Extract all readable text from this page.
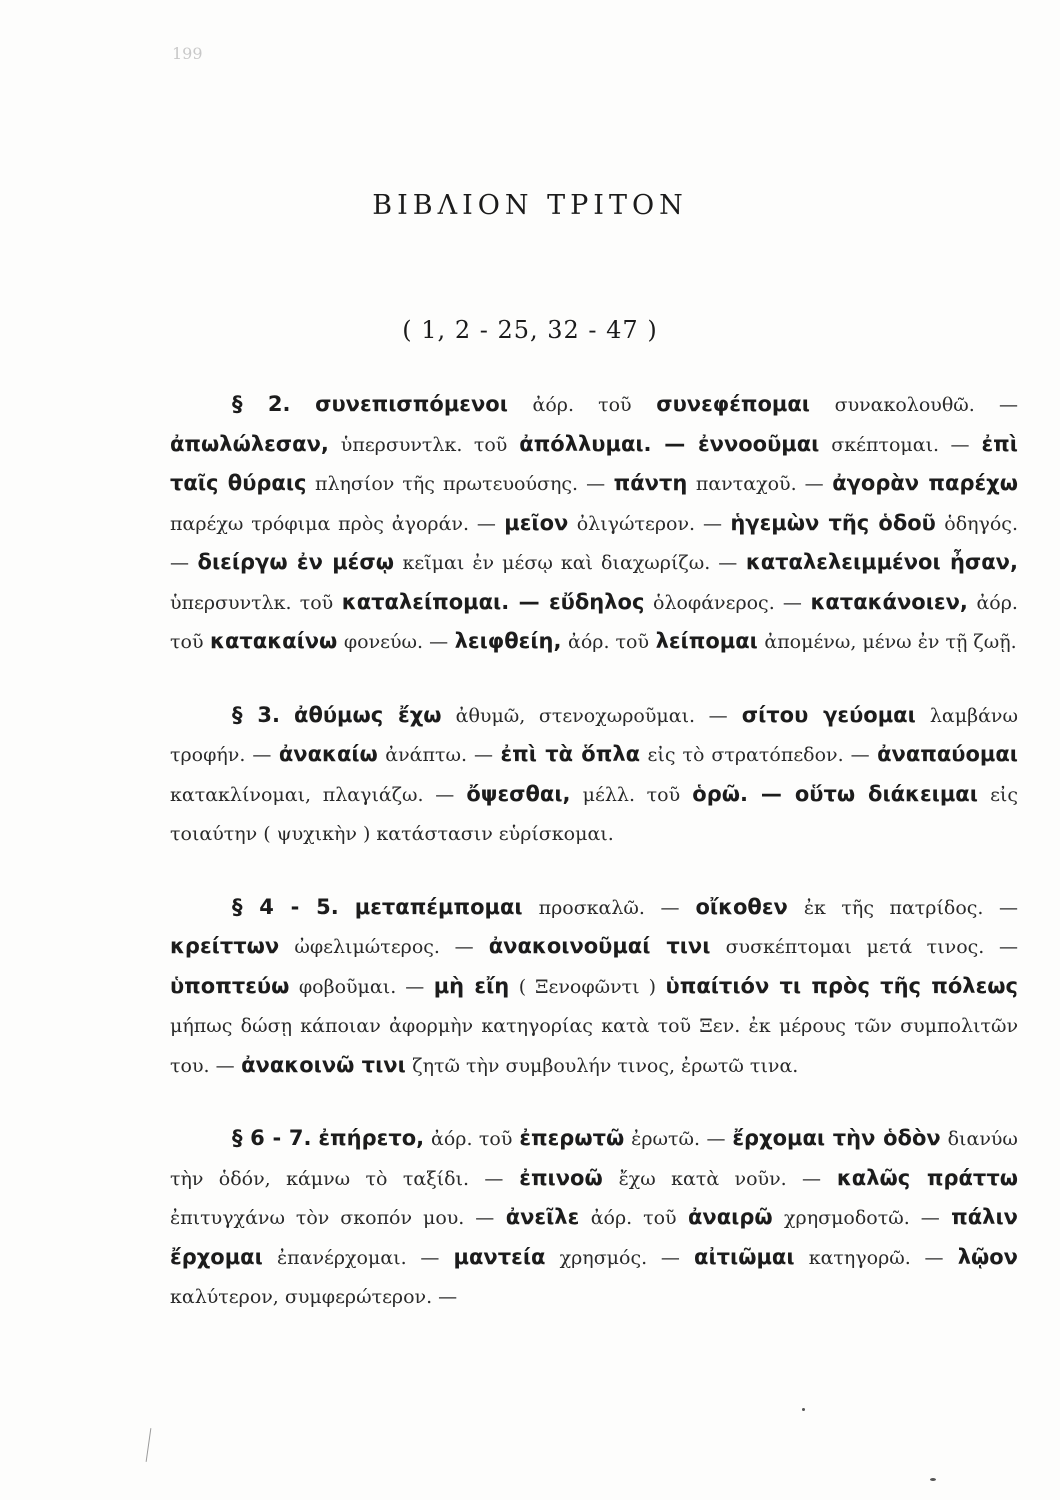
199
ΒΙΒΛΙΟΝ ΤΡΙΤΟΝ
( 1, 2 - 25, 32 - 47 )

§ 2. συνεπισπόμενοι ἀόρ. τοῦ συνεφέπομαι συνακολουθῶ. — ἀπωλώλεσαν, ὑπερσυντλκ. τοῦ ἀπόλλυμαι. — ἐννοοῦμαι σκέπτομαι. — ἐπὶ ταῖς θύραις πλησίον τῆς πρωτευούσης. — πάντη πανταχοῦ. — ἀγορὰν παρέχω παρέχω τρόφιμα πρὸς ἀγοράν. — μεῖον ὀλιγώτερον. — ἡγεμὼν τῆς ὁδοῦ ὁδηγός. — διείργω ἐν μέσῳ κεῖμαι ἐν μέσῳ καὶ διαχωρίζω. — καταλελειμμένοι ἦσαν, ὑπερσυντλκ. τοῦ καταλείπομαι. — εὔδηλος ὁλοφάνερος. — κατακάνοιεν, ἀόρ. τοῦ κατακαίνω φονεύω. — λειφθείη, ἀόρ. τοῦ λείπομαι ἀπομένω, μένω ἐν τῇ ζωῇ.

§ 3. ἀθύμως ἔχω ἀθυμῶ, στενοχωροῦμαι. — σίτου γεύομαι λαμβάνω τροφήν. — ἀνακαίω ἀνάπτω. — ἐπὶ τὰ ὅπλα εἰς τὸ στρατόπεδον. — ἀναπαύομαι κατακλίνομαι, πλαγιάζω. — ὄψεσθαι, μέλλ. τοῦ ὁρῶ. — οὕτω διάκειμαι εἰς τοιαύτην ( ψυχικὴν ) κατάστασιν εὑρίσκομαι.

§ 4 - 5. μεταπέμπομαι προσκαλῶ. — οἴκοθεν ἐκ τῆς πατρίδος. — κρείττων ὠφελιμώτερος. — ἀνακοινοῦμαί τινι συσκέπτομαι μετά τινος. — ὑποπτεύω φοβοῦμαι. — μὴ εἴη ( Ξενοφῶντι ) ὑπαίτιόν τι πρὸς τῆς πόλεως μήπως δώσῃ κάποιαν ἀφορμὴν κατηγορίας κατὰ τοῦ Ξεν. ἐκ μέρους τῶν συμπολιτῶν του. — ἀνακοινῶ τινι ζητῶ τὴν συμβουλήν τινος, ἐρωτῶ τινα.

§ 6 - 7. ἐπήρετο, ἀόρ. τοῦ ἐπερωτῶ ἐρωτῶ. — ἔρχομαι τὴν ὁδὸν διανύω τὴν ὁδόν, κάμνω τὸ ταξίδι. — ἐπινοῶ ἔχω κατὰ νοῦν. — καλῶς πράττω ἐπιτυγχάνω τὸν σκοπόν μου. — ἀνεῖλε ἀόρ. τοῦ ἀναιρῶ χρησμοδοτῶ. — πάλιν ἔρχομαι ἐπανέρχομαι. — μαντεία χρησμός. — αἰτιῶμαι κατηγορῶ. — λῷον καλύτερον, συμφερώτερον. —
